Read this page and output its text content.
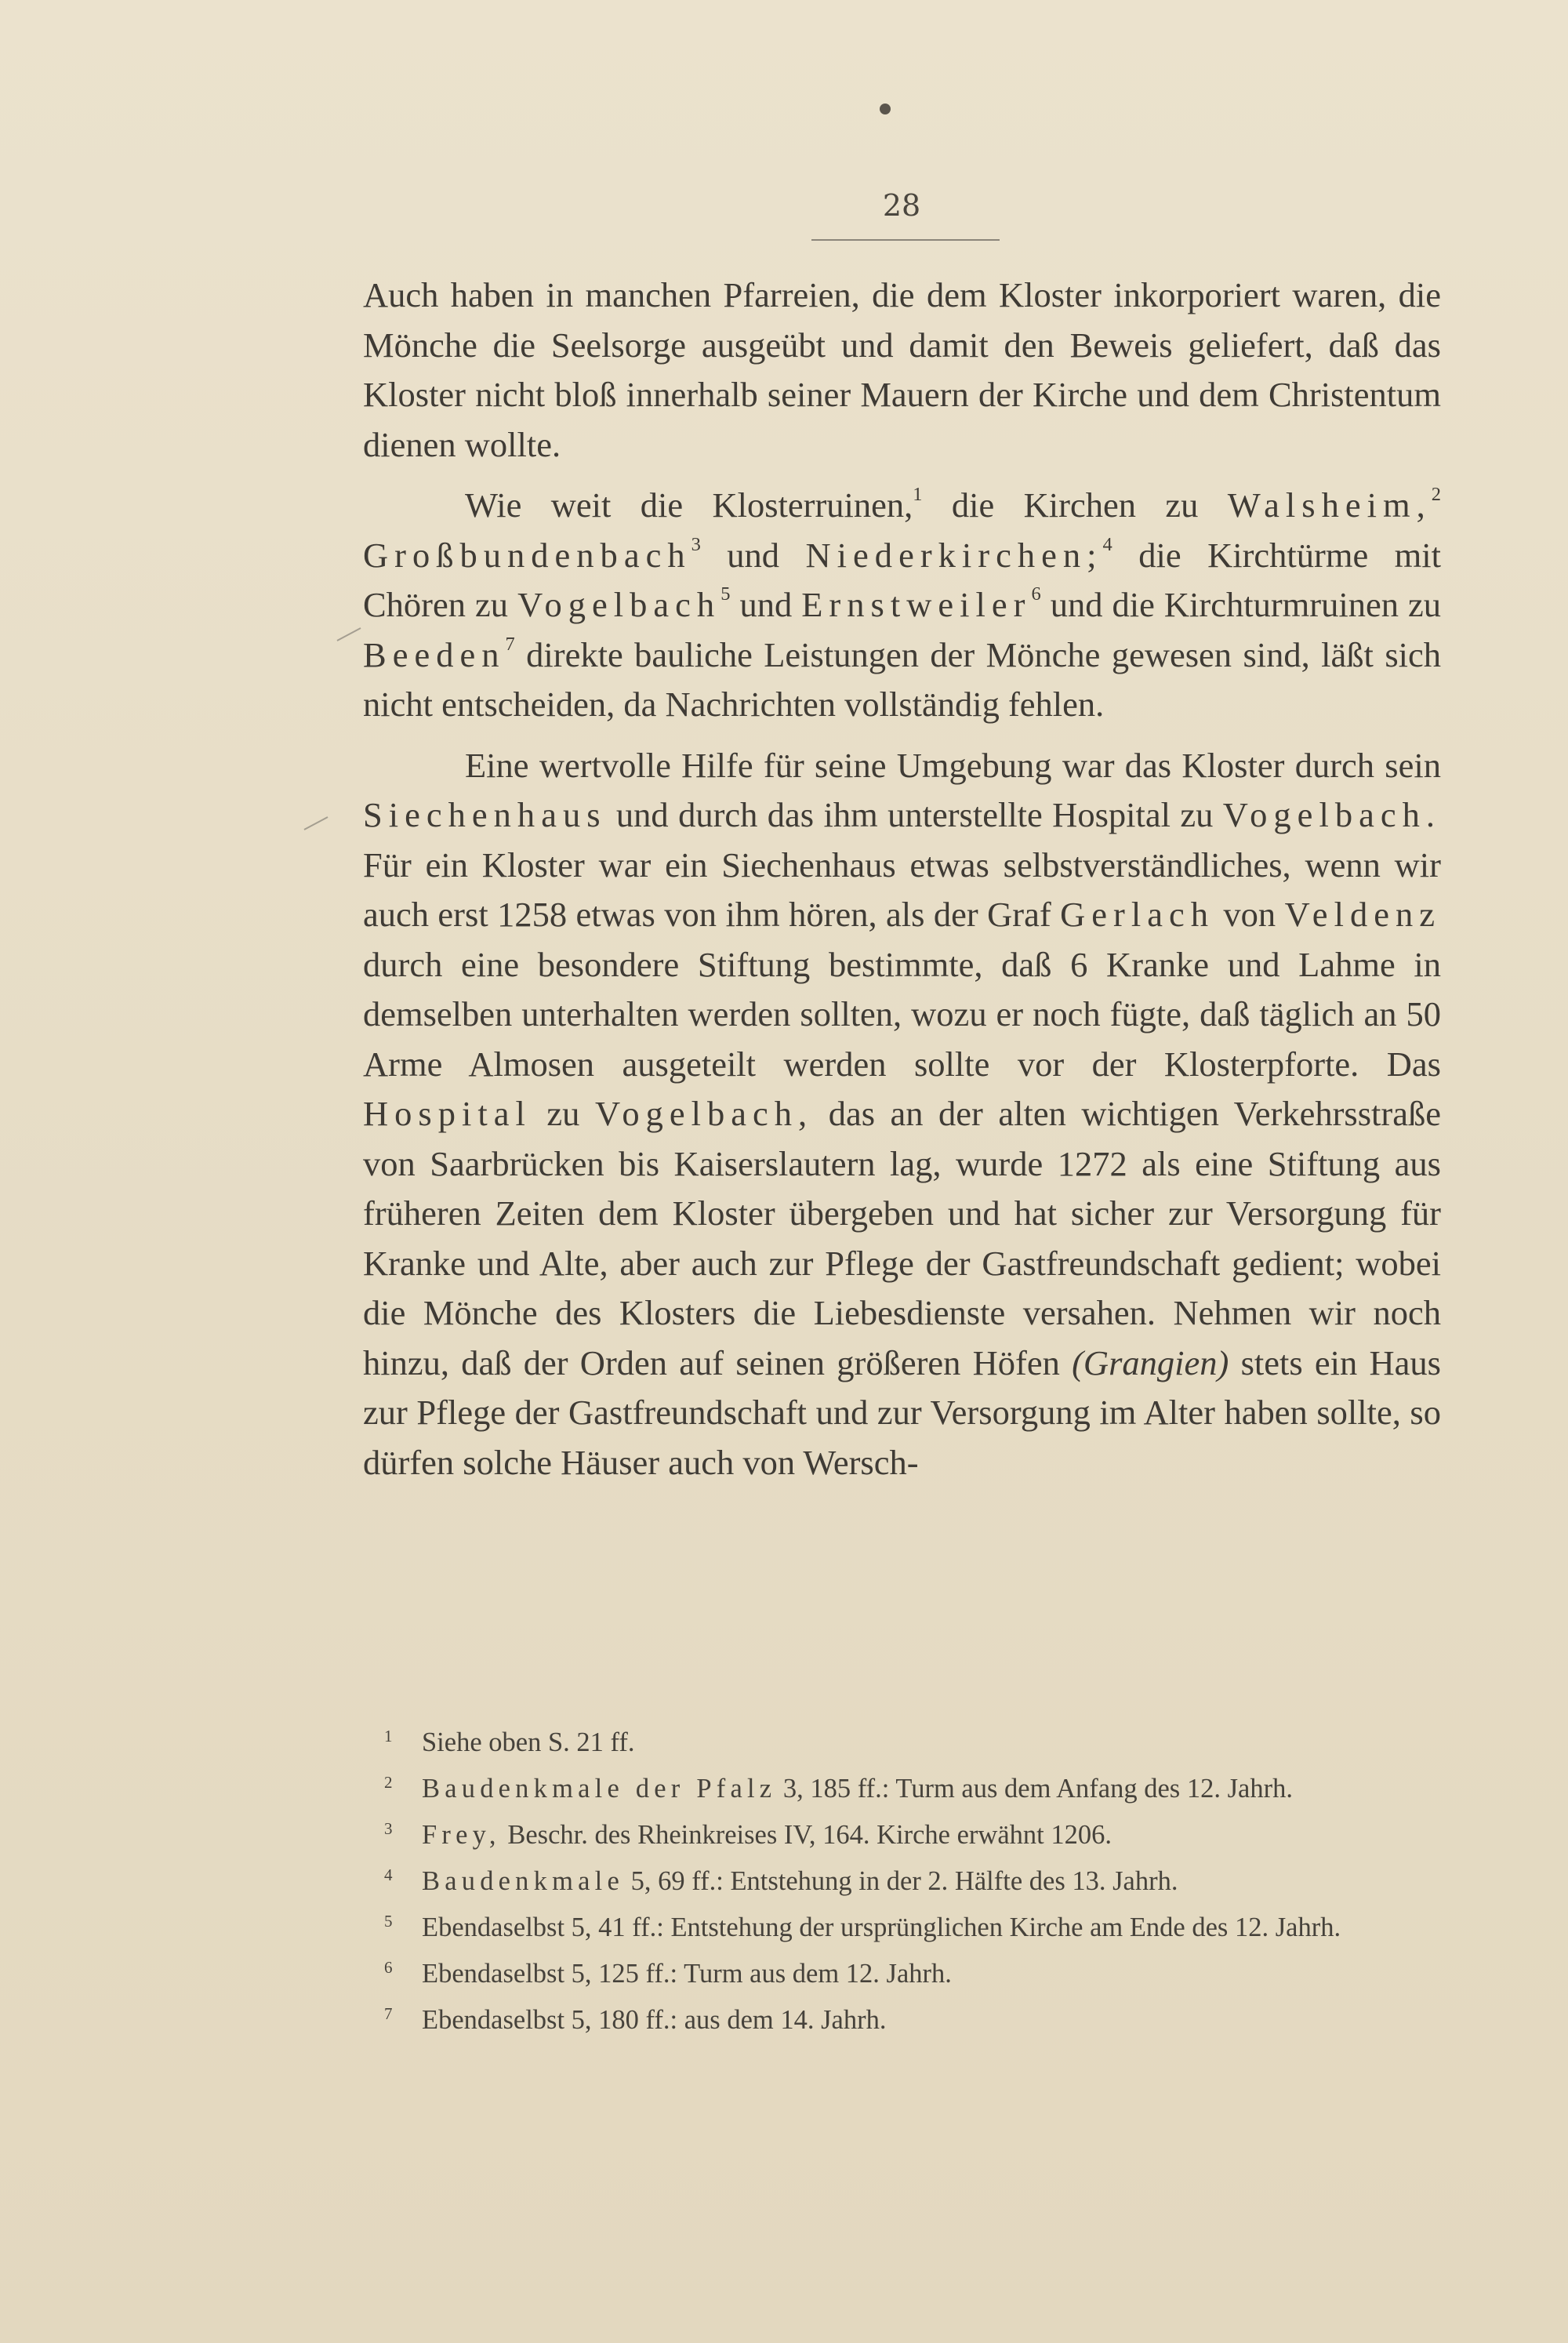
28

Auch haben in manchen Pfarreien, die dem Kloster inkorporiert waren, die Mönche die Seelsorge ausgeübt und damit den Beweis geliefert, daß das Kloster nicht bloß innerhalb seiner Mauern der Kirche und dem Christentum dienen wollte.

Wie weit die Klosterruinen,$^1$ die Kirchen zu Walsheim,$^2$ Großbundenbach$^3$ und Niederkirchen;$^4$ die Kirchtürme mit Chören zu Vogelbach$^5$ und Ernstweiler$^6$ und die Kirchturmruinen zu Beeden$^7$ direkte bauliche Leistungen der Mönche gewesen sind, läßt sich nicht entscheiden, da Nachrichten vollständig fehlen.

Eine wertvolle Hilfe für seine Umgebung war das Kloster durch sein Siechenhaus und durch das ihm unterstellte Hospital zu Vogelbach. Für ein Kloster war ein Siechenhaus etwas selbstverständliches, wenn wir auch erst 1258 etwas von ihm hören, als der Graf Gerlach von Veldenz durch eine besondere Stiftung bestimmte, daß 6 Kranke und Lahme in demselben unterhalten werden sollten, wozu er noch fügte, daß täglich an 50 Arme Almosen ausgeteilt werden sollte vor der Klosterpforte. Das Hospital zu Vogelbach, das an der alten wichtigen Verkehrsstraße von Saarbrücken bis Kaiserslautern lag, wurde 1272 als eine Stiftung aus früheren Zeiten dem Kloster übergeben und hat sicher zur Versorgung für Kranke und Alte, aber auch zur Pflege der Gastfreundschaft gedient; wobei die Mönche des Klosters die Liebesdienste versahen. Nehmen wir noch hinzu, daß der Orden auf seinen größeren Höfen (Grangien) stets ein Haus zur Pflege der Gastfreundschaft und zur Versorgung im Alter haben sollte, so dürfen solche Häuser auch von Wersch-

1 Siehe oben S. 21 ff.
2 Baudenkmale der Pfalz 3, 185 ff.: Turm aus dem Anfang des 12. Jahrh.
3 Frey, Beschr. des Rheinkreises IV, 164. Kirche erwähnt 1206.
4 Baudenkmale 5, 69 ff.: Entstehung in der 2. Hälfte des 13. Jahrh.
5 Ebendaselbst 5, 41 ff.: Entstehung der ursprünglichen Kirche am Ende des 12. Jahrh.
6 Ebendaselbst 5, 125 ff.: Turm aus dem 12. Jahrh.
7 Ebendaselbst 5, 180 ff.: aus dem 14. Jahrh.
